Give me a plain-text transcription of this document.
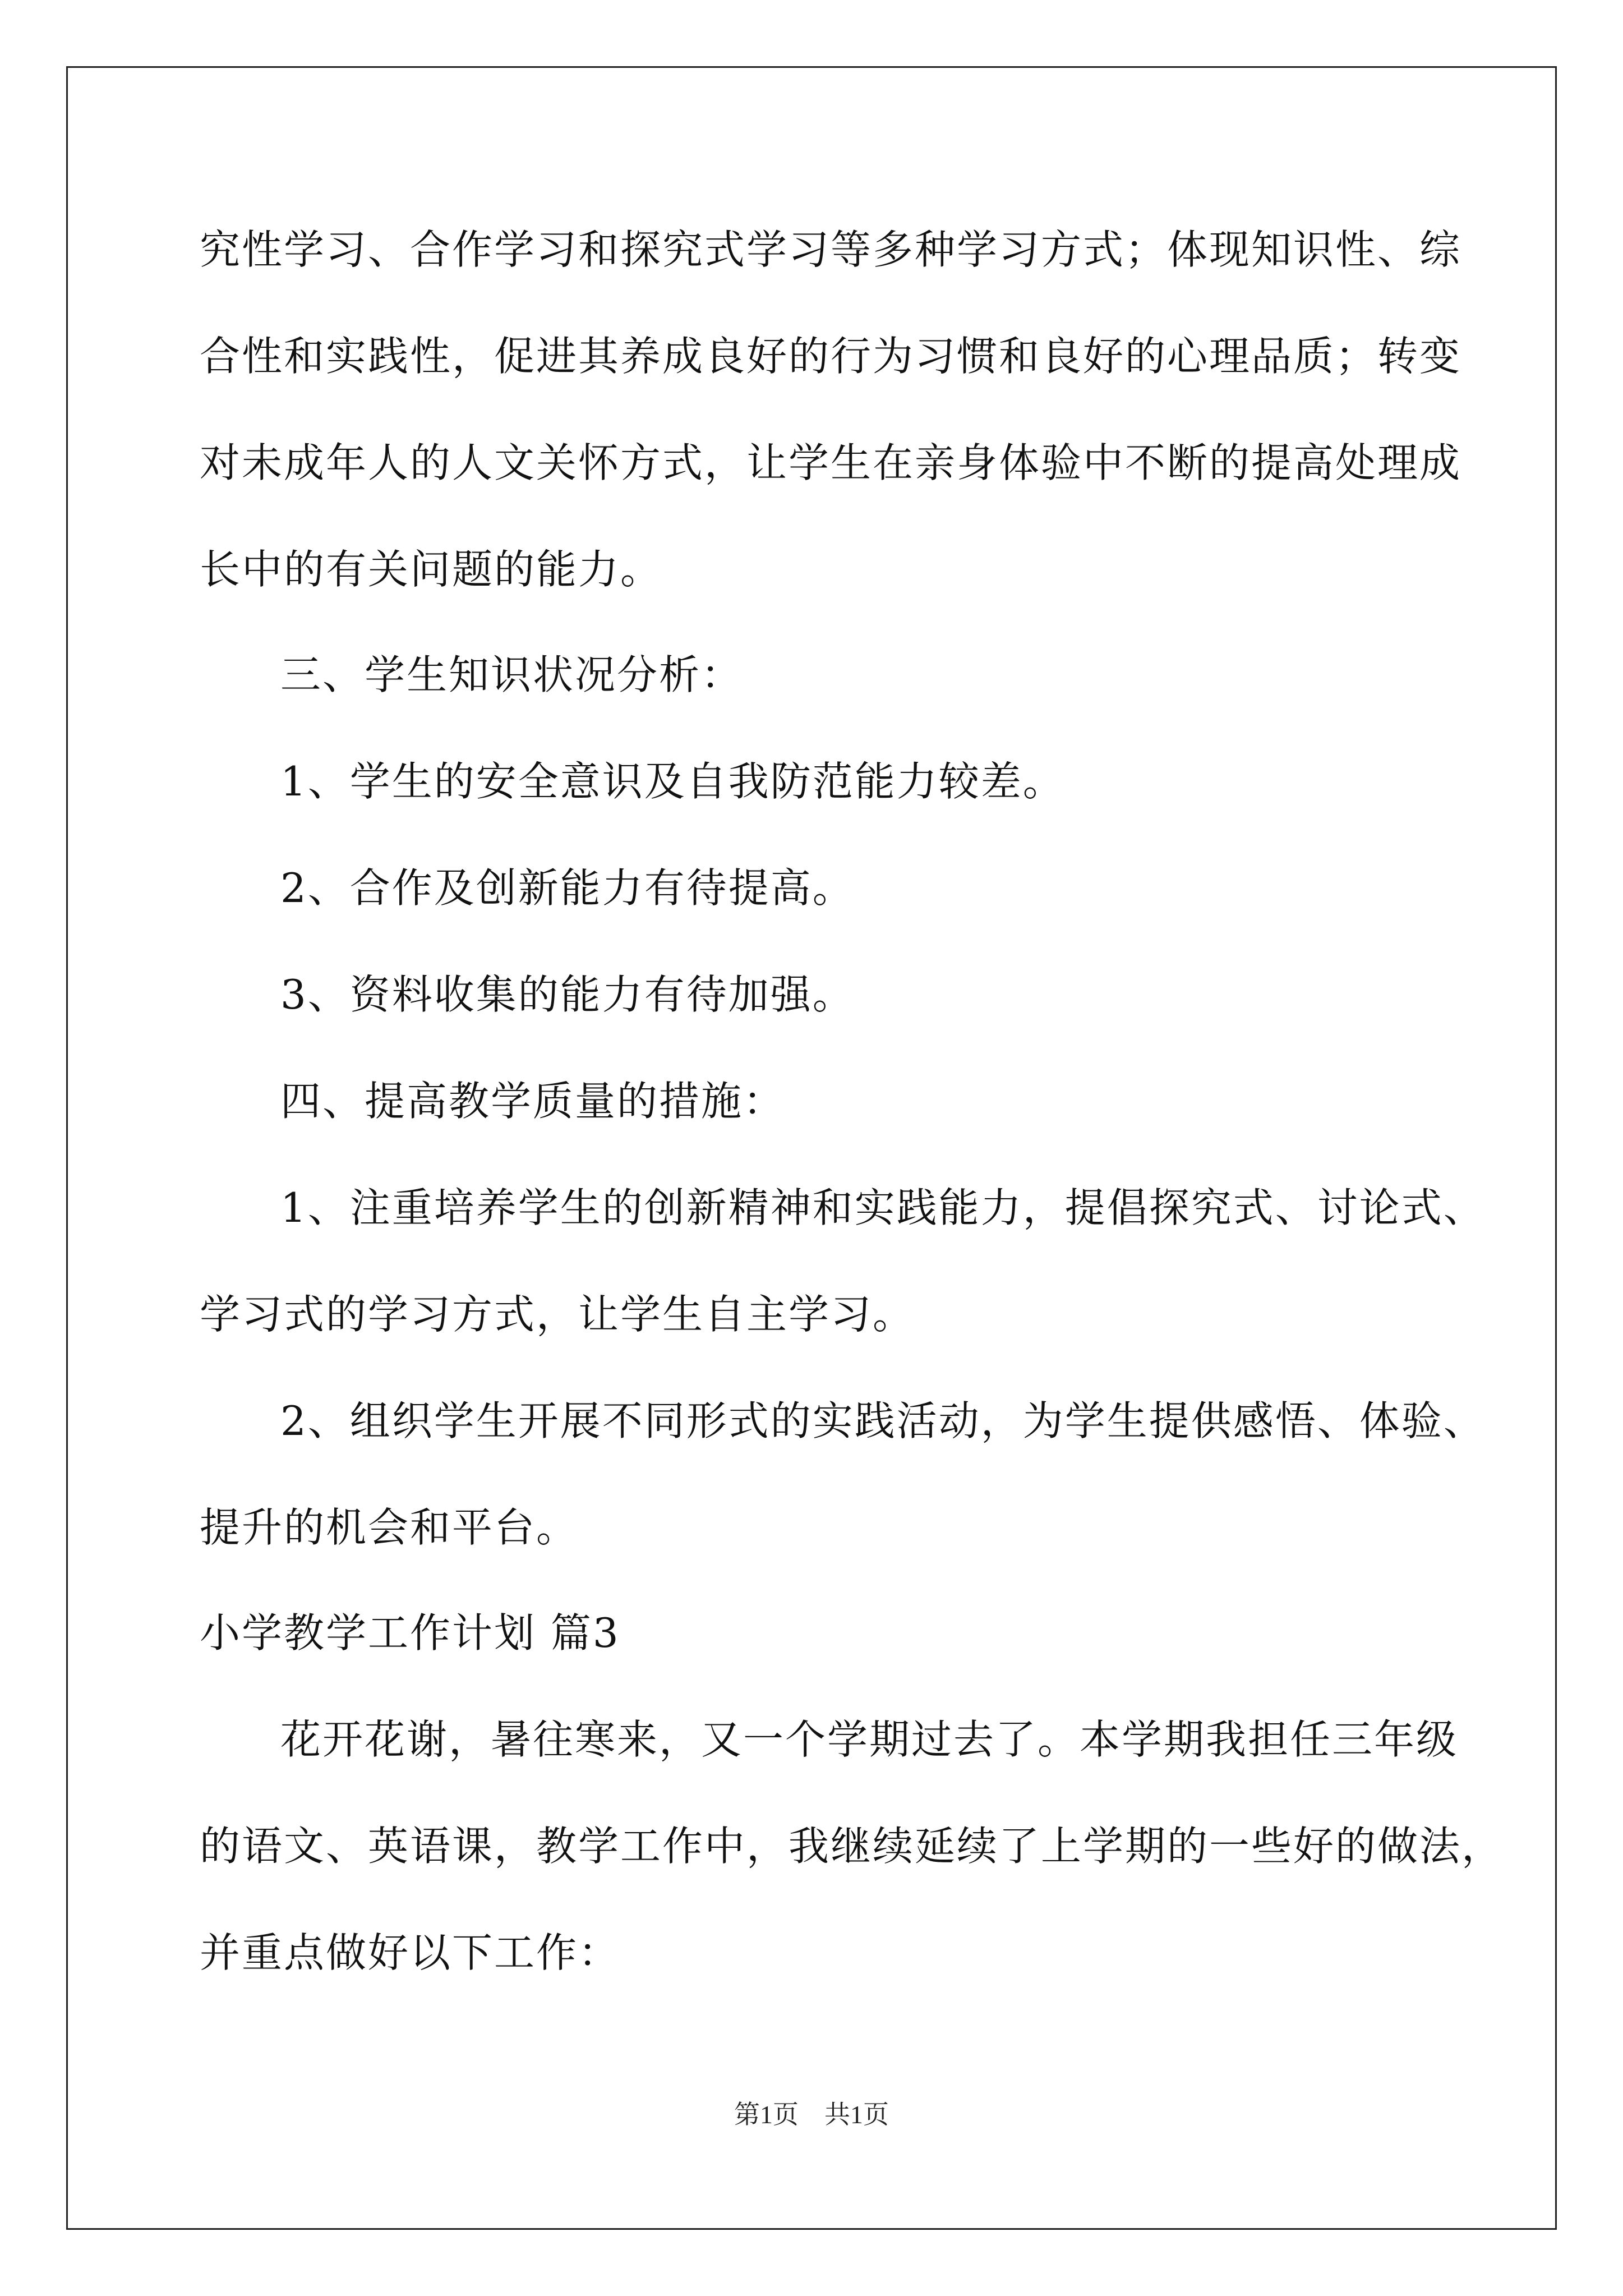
究性学习、合作学习和探究式学习等多种学习方式；体现知识性、综
合性和实践性，促进其养成良好的行为习惯和良好的心理品质；转变
对未成年人的人文关怀方式，让学生在亲身体验中不断的提高处理成
长中的有关问题的能力。
三、学生知识状况分析：
1、学生的安全意识及自我防范能力较差。
2、合作及创新能力有待提高。
3、资料收集的能力有待加强。
四、提高教学质量的措施：
1、注重培养学生的创新精神和实践能力，提倡探究式、讨论式、
学习式的学习方式，让学生自主学习。
2、组织学生开展不同形式的实践活动，为学生提供感悟、体验、
提升的机会和平台。
小学教学工作计划 篇3
花开花谢，暑往寒来，又一个学期过去了。本学期我担任三年级
的语文、英语课，教学工作中，我继续延续了上学期的一些好的做法，
并重点做好以下工作：
第1页　共1页
